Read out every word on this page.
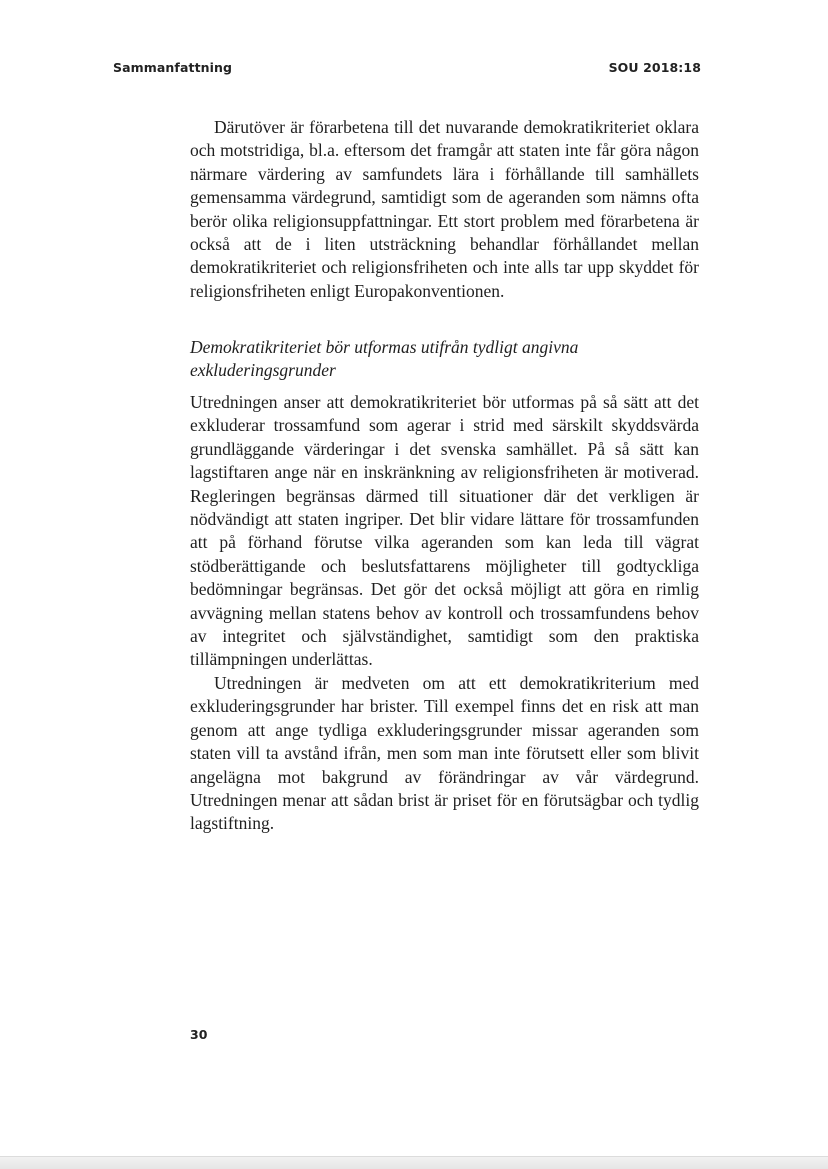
Sammanfattning	SOU 2018:18

Därutöver är förarbetena till det nuvarande demokratikriteriet oklara och motstridiga, bl.a. eftersom det framgår att staten inte får göra någon närmare värdering av samfundets lära i förhållande till samhällets gemensamma värdegrund, samtidigt som de ageranden som nämns ofta berör olika religionsuppfattningar. Ett stort problem med förarbetena är också att de i liten utsträckning behandlar förhållandet mellan demokratikriteriet och religionsfriheten och inte alls tar upp skyddet för religionsfriheten enligt Europakonventionen.

Demokratikriteriet bör utformas utifrån tydligt angivna exkluderingsgrunder

Utredningen anser att demokratikriteriet bör utformas på så sätt att det exkluderar trossamfund som agerar i strid med särskilt skyddsvärda grundläggande värderingar i det svenska samhället. På så sätt kan lagstiftaren ange när en inskränkning av religionsfriheten är motiverad. Regleringen begränsas därmed till situationer där det verkligen är nödvändigt att staten ingriper. Det blir vidare lättare för trossamfunden att på förhand förutse vilka ageranden som kan leda till vägrat stödberättigande och beslutsfattarens möjligheter till godtyckliga bedömningar begränsas. Det gör det också möjligt att göra en rimlig avvägning mellan statens behov av kontroll och trossamfundens behov av integritet och självständighet, samtidigt som den praktiska tillämpningen underlättas.

Utredningen är medveten om att ett demokratikriterium med exkluderingsgrunder har brister. Till exempel finns det en risk att man genom att ange tydliga exkluderingsgrunder missar ageranden som staten vill ta avstånd ifrån, men som man inte förutsett eller som blivit angelägna mot bakgrund av förändringar av vår värdegrund. Utredningen menar att sådan brist är priset för en förutsägbar och tydlig lagstiftning.

30
